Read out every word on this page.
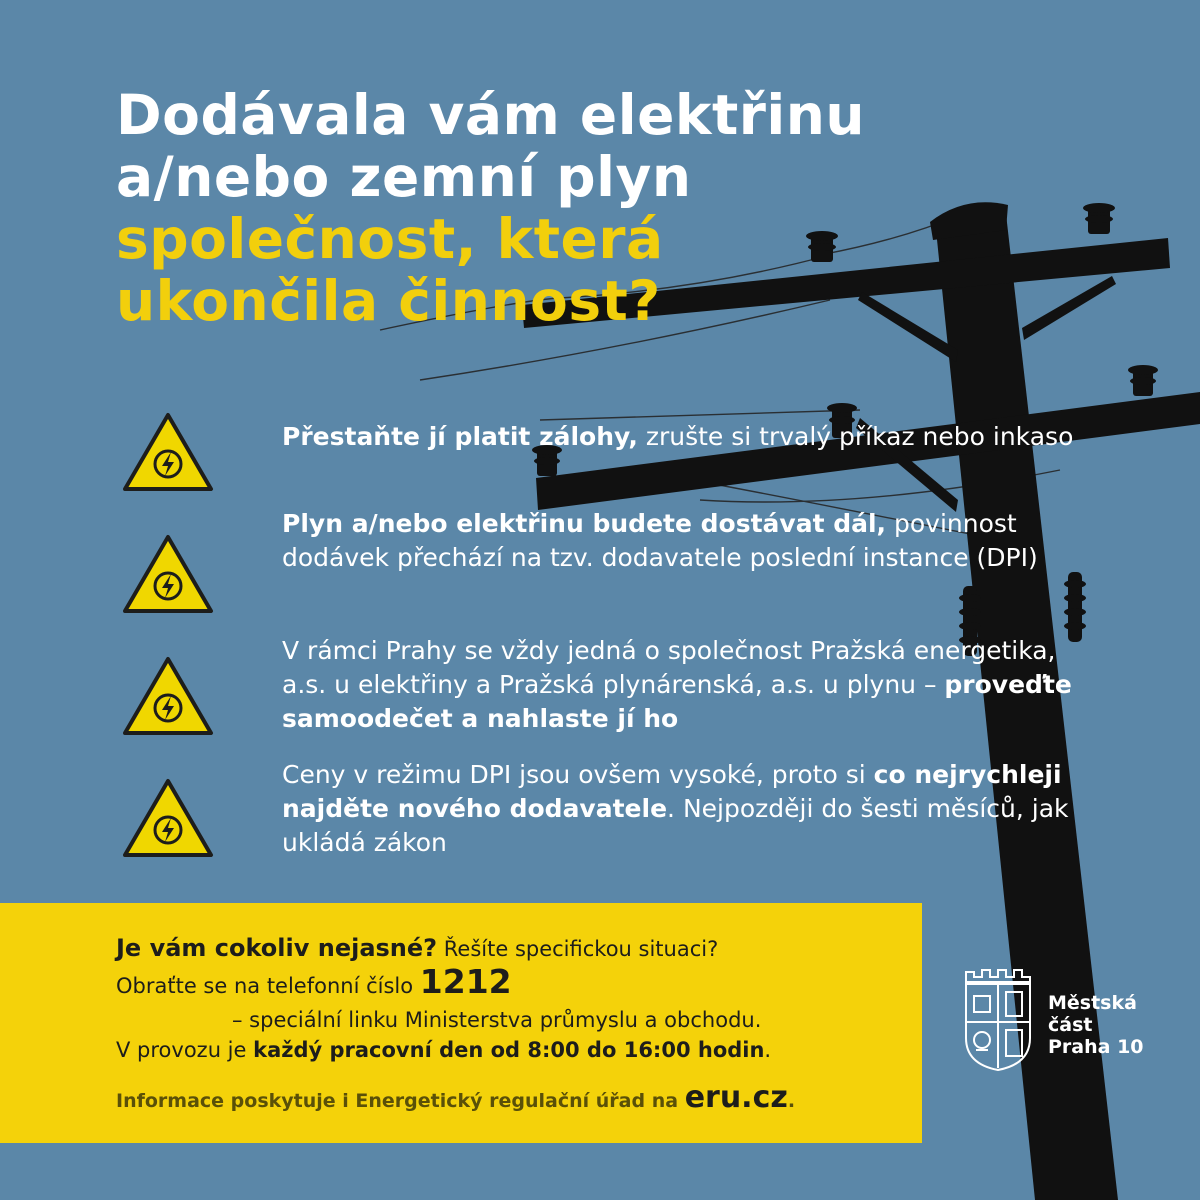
Dodávala vám elektřinu
a/nebo zemní plyn
společnost, která
ukončila činnost?
Přestaňte jí platit zálohy, zrušte si trvalý příkaz nebo inkaso
Plyn a/nebo elektřinu budete dostávat dál, povinnost dodávek přechází na tzv. dodavatele poslední instance (DPI)
V rámci Prahy se vždy jedná o společnost Pražská energetika, a.s. u elektřiny a Pražská plynárenská, a.s. u plynu – proveďte samoodečet a nahlaste jí ho
Ceny v režimu DPI jsou ovšem vysoké, proto si co nejrychleji najděte nového dodavatele. Nejpozději do šesti měsíců, jak ukládá zákon
Je vám cokoliv nejasné? Řešíte specifickou situaci?
Obraťte se na telefonní číslo 1212
– speciální linku Ministerstva průmyslu a obchodu.
V provozu je každý pracovní den od 8:00 do 16:00 hodin.
Informace poskytuje i Energetický regulační úřad na eru.cz.
Městská
část
Praha 10
